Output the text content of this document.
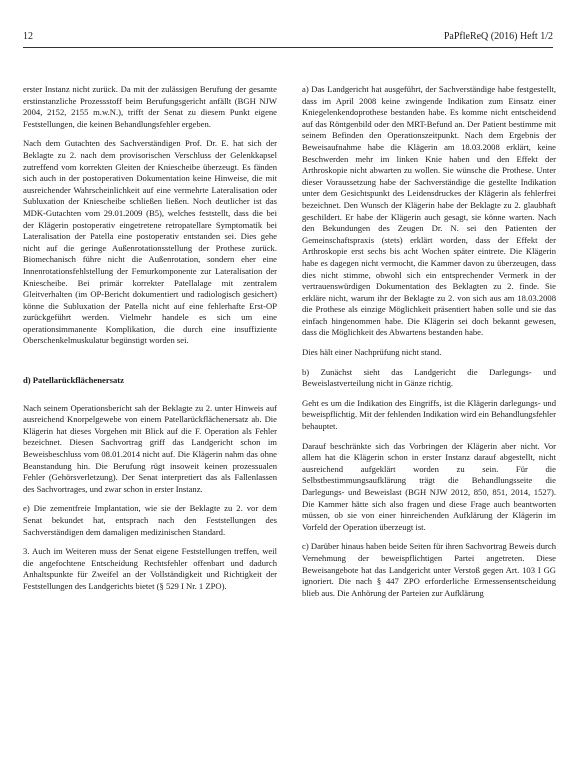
12	PaPfleReQ (2016) Heft 1/2

erster Instanz nicht zurück. Da mit der zulässigen Berufung der gesamte erstinstanzliche Prozessstoff beim Berufungsgericht anfällt (BGH NJW 2004, 2152, 2155 m.w.N.), trifft der Senat zu diesem Punkt eigene Feststellungen, die keinen Behandlungsfehler ergeben.

Nach dem Gutachten des Sachverständigen Prof. Dr. E. hat sich der Beklagte zu 2. nach dem provisorischen Verschluss der Gelenkkapsel zutreffend vom korrekten Gleiten der Kniescheibe überzeugt. Es fänden sich auch in der postoperativen Dokumentation keine Hinweise, die mit ausreichender Wahrscheinlichkeit auf eine vermehrte Lateralisation oder Subluxation der Kniescheibe schließen ließen. Noch deutlicher ist das MDK-Gutachten vom 29.01.2009 (B5), welches feststellt, dass die bei der Klägerin postoperativ eingetretene retropatellare Symptomatik bei Lateralisation der Patella eine postoperativ entstanden sei. Dies gehe nicht auf die geringe Außenrotationsstellung der Prothese zurück. Biomechanisch führe nicht die Außenrotation, sondern eher eine Innenrotationsfehlstellung der Femurkomponente zur Lateralisation der Kniescheibe. Bei primär korrekter Patellalage mit zentralem Gleitverhalten (im OP-Bericht dokumentiert und radiologisch gesichert) könne die Subluxation der Patella nicht auf eine fehlerhafte Erst-OP zurückgeführt werden. Vielmehr handele es sich um eine operationsimmanente Komplikation, die durch eine insuffiziente Oberschenkelmuskulatur begünstigt worden sei.

d) Patellarückflächenersatz

Nach seinem Operationsbericht sah der Beklagte zu 2. unter Hinweis auf ausreichend Knorpelgewebe von einem Patellarückflächenersatz ab. Die Klägerin hat dieses Vorgehen mit Blick auf die F. Operation als Fehler bezeichnet. Diesen Sachvortrag griff das Landgericht schon im Beweisbeschluss vom 08.01.2014 nicht auf. Die Klägerin nahm das ohne Beanstandung hin. Die Berufung rügt insoweit keinen prozessualen Fehler (Gehörsverletzung). Der Senat interpretiert das als Fallenlassen des Sachvortrages, und zwar schon in erster Instanz.

e) Die zementfreie Implantation, wie sie der Beklagte zu 2. vor dem Senat bekundet hat, entsprach nach den Feststellungen des Sachverständigen dem damaligen medizinischen Standard.

3. Auch im Weiteren muss der Senat eigene Feststellungen treffen, weil die angefochtene Entscheidung Rechtsfehler offenbart und dadurch Anhaltspunkte für Zweifel an der Vollständigkeit und Richtigkeit der Feststellungen des Landgerichts bietet (§ 529 I Nr. 1 ZPO).

a) Das Landgericht hat ausgeführt, der Sachverständige habe festgestellt, dass im April 2008 keine zwingende Indikation zum Einsatz einer Kniegelenkendoprothese bestanden habe. Es komme nicht entscheidend auf das Röntgenbild oder den MRT-Befund an. Der Patient bestimme mit seinem Befinden den Operationszeitpunkt. Nach dem Ergebnis der Beweisaufnahme habe die Klägerin am 18.03.2008 erklärt, keine Beschwerden mehr im linken Knie haben und den Effekt der Arthroskopie nicht abwarten zu wollen. Sie wünsche die Prothese. Unter dieser Voraussetzung habe der Sachverständige die gestellte Indikation unter dem Gesichtspunkt des Leidensdruckes der Klägerin als fehlerfrei bezeichnet. Den Wunsch der Klägerin habe der Beklagte zu 2. glaubhaft geschildert. Er habe der Klägerin auch gesagt, sie könne warten. Nach den Bekundungen des Zeugen Dr. N. sei den Patienten der Gemeinschaftspraxis (stets) erklärt worden, dass der Effekt der Arthroskopie erst sechs bis acht Wochen später eintrete. Die Klägerin habe es dagegen nicht vermocht, die Kammer davon zu überzeugen, dass dies nicht stimme, obwohl sich ein entsprechender Vermerk in der vertrauenswürdigen Dokumentation des Beklagten zu 2. finde. Sie erkläre nicht, warum ihr der Beklagte zu 2. von sich aus am 18.03.2008 die Prothese als einzige Möglichkeit präsentiert haben solle und sie das einfach hingenommen habe. Die Klägerin sei doch bekannt gewesen, dass die Möglichkeit des Abwartens bestanden habe.

Dies hält einer Nachprüfung nicht stand.

b) Zunächst sieht das Landgericht die Darlegungs- und Beweislastverteilung nicht in Gänze richtig.

Geht es um die Indikation des Eingriffs, ist die Klägerin darlegungs- und beweispflichtig. Mit der fehlenden Indikation wird ein Behandlungsfehler behauptet.

Darauf beschränkte sich das Vorbringen der Klägerin aber nicht. Vor allem hat die Klägerin schon in erster Instanz darauf abgestellt, nicht ausreichend aufgeklärt worden zu sein. Für die Selbstbestimmungsaufklärung trägt die Behandlungsseite die Darlegungs- und Beweislast (BGH NJW 2012, 850, 851, 2014, 1527). Die Kammer hätte sich also fragen und diese Frage auch beantworten müssen, ob sie von einer hinreichenden Aufklärung der Klägerin im Vorfeld der Operation überzeugt ist.

c) Darüber hinaus haben beide Seiten für ihren Sachvortrag Beweis durch Vernehmung der beweispflichtigen Partei angetreten. Diese Beweisangebote hat das Landgericht unter Verstoß gegen Art. 103 I GG ignoriert. Die nach § 447 ZPO erforderliche Ermessensentscheidung blieb aus. Die Anhörung der Parteien zur Aufklärung
